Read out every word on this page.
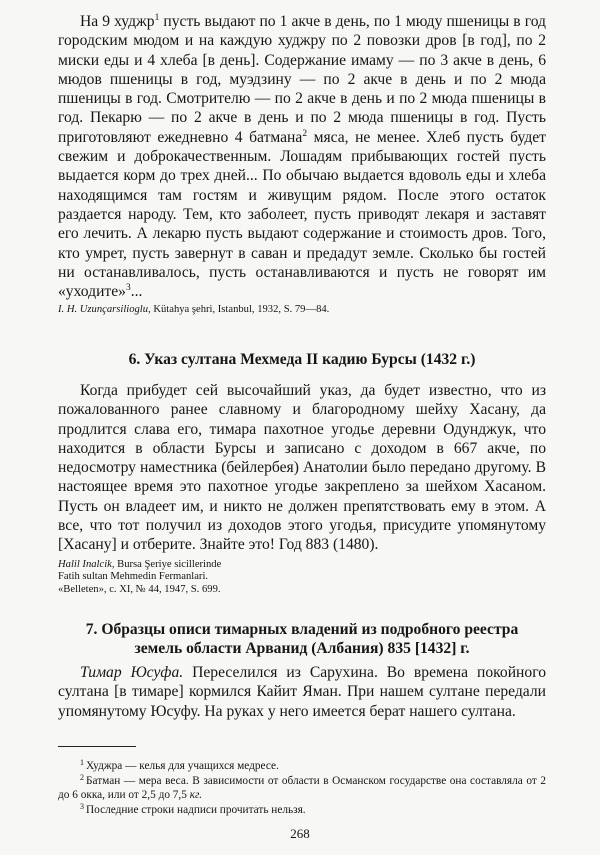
На 9 худжр$^1$ пусть выдают по 1 акче в день, по 1 мюду пшеницы в год городским мюдом и на каждую худжру по 2 повозки дров [в год], по 2 миски еды и 4 хлеба [в день]. Содержание имаму — по 3 акче в день, 6 мюдов пшеницы в год, муэдзину — по 2 акче в день и по 2 мюда пшеницы в год. Смотрителю — по 2 акче в день и по 2 мюда пшеницы в год. Пекарю — по 2 акче в день и по 2 мюда пшеницы в год. Пусть приготовляют ежедневно 4 батмана$^2$ мяса, не менее. Хлеб пусть будет свежим и доброкачественным. Лошадям прибывающих гостей пусть выдается корм до трех дней... По обычаю выдается вдоволь еды и хлеба находящимся там гостям и живущим рядом. После этого остаток раздается народу. Тем, кто заболеет, пусть приводят лекаря и заставят его лечить. А лекарю пусть выдают содержание и стоимость дров. Того, кто умрет, пусть завернут в саван и предадут земле. Сколько бы гостей ни останавливалось, пусть останавливаются и пусть не говорят им «уходите»$^3$...

I. H. Uzunçarsilioglu, Kütahya şehri, Istanbul, 1932, S. 79—84.
6. Указ султана Мехмеда II кадию Бурсы (1432 г.)

Когда прибудет сей высочайший указ, да будет известно, что из пожалованного ранее славному и благородному шейху Хасану, да продлится слава его, тимара пахотное угодье деревни Одунджук, что находится в области Бурсы и записано с доходом в 667 акче, по недосмотру наместника (бейлербея) Анатолии было передано другому. В настоящее время это пахотное угодье закреплено за шейхом Хасаном. Пусть он владеет им, и никто не должен препятствовать ему в этом. А все, что тот получил из доходов этого угодья, присудите упомянутому [Хасану] и отберите. Знайте это! Год 883 (1480).

Halil Inalcik, Bursa Şeriye sicillerinde
Fatih sultan Mehmedin Fermanlari.
«Belleten», c. XI, № 44, 1947, S. 699.
7. Образцы описи тимарных владений из подробного реестра
земель области Арванид (Албания) 835 [1432] г.

Тимар Юсуфа. Переселился из Сарухина. Во времена покойного султана [в тимаре] кормился Кайит Яман. При нашем султане передали упомянутому Юсуфу. На руках у него имеется берат нашего султана.

$^1$ Худжра — келья для учащихся медресе.

$^2$ Батман — мера веса. В зависимости от области в Османском государстве она составляла от 2 до 6 окка, или от 2,5 до 7,5 кг.

$^3$ Последние строки надписи прочитать нельзя.

268
